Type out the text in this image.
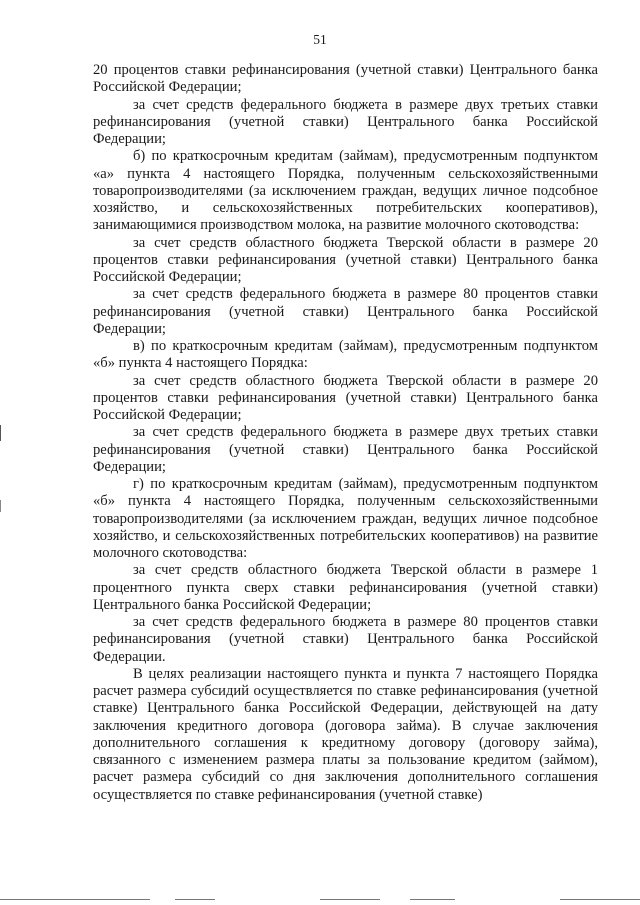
51

20 процентов ставки рефинансирования (учетной ставки) Центрального банка Российской Федерации;

за счет средств федерального бюджета в размере двух третьих ставки рефинансирования (учетной ставки) Центрального банка Российской Федерации;

б) по краткосрочным кредитам (займам), предусмотренным подпунктом «а» пункта 4 настоящего Порядка, полученным сельскохозяйственными товаропроизводителями (за исключением граждан, ведущих личное подсобное хозяйство, и сельскохозяйственных потребительских кооперативов), занимающимися производством молока, на развитие молочного скотоводства:

за счет средств областного бюджета Тверской области в размере 20 процентов ставки рефинансирования (учетной ставки) Центрального банка Российской Федерации;

за счет средств федерального бюджета в размере 80 процентов ставки рефинансирования (учетной ставки) Центрального банка Российской Федерации;

в) по краткосрочным кредитам (займам), предусмотренным подпунктом «б» пункта 4 настоящего Порядка:

за счет средств областного бюджета Тверской области в размере 20 процентов ставки рефинансирования (учетной ставки) Центрального банка Российской Федерации;

за счет средств федерального бюджета в размере двух третьих ставки рефинансирования (учетной ставки) Центрального банка Российской Федерации;

г) по краткосрочным кредитам (займам), предусмотренным подпунктом «б» пункта 4 настоящего Порядка, полученным сельскохозяйственными товаропроизводителями (за исключением граждан, ведущих личное подсобное хозяйство, и сельскохозяйственных потребительских кооперативов) на развитие молочного скотоводства:

за счет средств областного бюджета Тверской области в размере 1 процентного пункта сверх ставки рефинансирования (учетной ставки) Центрального банка Российской Федерации;

за счет средств федерального бюджета в размере 80 процентов ставки рефинансирования (учетной ставки) Центрального банка Российской Федерации.

В целях реализации настоящего пункта и пункта 7 настоящего Порядка расчет размера субсидий осуществляется по ставке рефинансирования (учетной ставке) Центрального банка Российской Федерации, действующей на дату заключения кредитного договора (договора займа). В случае заключения дополнительного соглашения к кредитному договору (договору займа), связанного с изменением размера платы за пользование кредитом (займом), расчет размера субсидий со дня заключения дополнительного соглашения осуществляется по ставке рефинансирования (учетной ставке)
